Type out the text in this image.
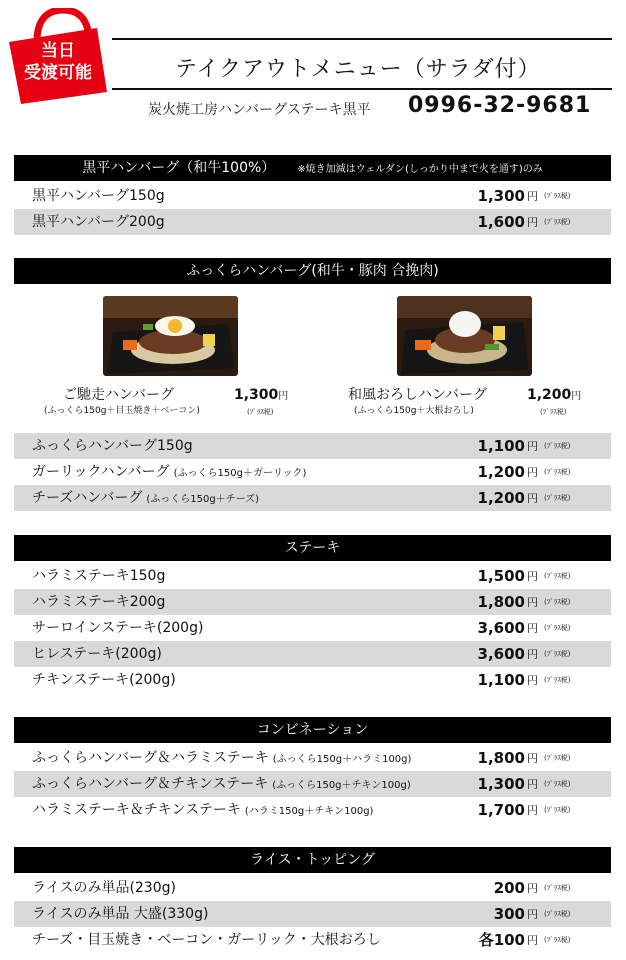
当日
受渡可能	テイクアウトメニュー（サラダ付）
炭火焼工房ハンバーグステーキ黒平 0996-32-9681
黒平ハンバーグ（和牛100%） ※焼き加減はウェルダン(しっかり中まで火を通す)のみ
黒平ハンバーグ150g	1,300 円 (ﾌﾟﾗｽ税)
黒平ハンバーグ200g	1,600 円 (ﾌﾟﾗｽ税)
ふっくらハンバーグ(和牛・豚肉 合挽肉)
ご馳走ハンバーグ
(ふっくら150g＋目玉焼き＋ベーコン)
1,300円
(ﾌﾟﾗｽ税)
和風おろしハンバーグ
(ふっくら150g＋大根おろし)
1,200円
(ﾌﾟﾗｽ税)
ふっくらハンバーグ150g	1,100 円 (ﾌﾟﾗｽ税)
ガーリックハンバーグ (ふっくら150g＋ガーリック)	1,200 円 (ﾌﾟﾗｽ税)
チーズハンバーグ (ふっくら150g＋チーズ)	1,200 円 (ﾌﾟﾗｽ税)
ステーキ
ハラミステーキ150g	1,500 円 (ﾌﾟﾗｽ税)
ハラミステーキ200g	1,800 円 (ﾌﾟﾗｽ税)
サーロインステーキ(200g)	3,600 円 (ﾌﾟﾗｽ税)
ヒレステーキ(200g)	3,600 円 (ﾌﾟﾗｽ税)
チキンステーキ(200g)	1,100 円 (ﾌﾟﾗｽ税)
コンビネーション
ふっくらハンバーグ＆ハラミステーキ (ふっくら150g＋ハラミ100g)	1,800 円 (ﾌﾟﾗｽ税)
ふっくらハンバーグ＆チキンステーキ (ふっくら150g＋チキン100g)	1,300 円 (ﾌﾟﾗｽ税)
ハラミステーキ＆チキンステーキ (ハラミ150g＋チキン100g)	1,700 円 (ﾌﾟﾗｽ税)
ライス・トッピング
ライスのみ単品(230g)	200 円 (ﾌﾟﾗｽ税)
ライスのみ単品 大盛(330g)	300 円 (ﾌﾟﾗｽ税)
チーズ・目玉焼き・ベーコン・ガーリック・大根おろし	各100 円 (ﾌﾟﾗｽ税)
